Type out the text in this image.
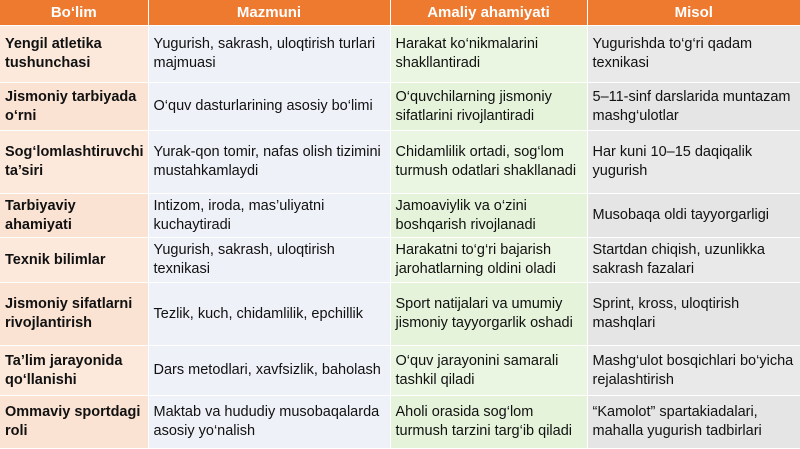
Bo‘lim	Mazmuni	Amaliy ahamiyati	Misol
Yengil atletika tushunchasi	Yugurish, sakrash, uloqtirish turlari majmuasi	Harakat ko‘nikmalarini shakllantiradi	Yugurishda to‘g‘ri qadam texnikasi
Jismoniy tarbiyada o‘rni	O‘quv dasturlarining asosiy bo‘limi	O‘quvchilarning jismoniy sifatlarini rivojlantiradi	5–11-sinf darslarida muntazam mashg‘ulotlar
Sog‘lomlashtiruvchi ta’siri	Yurak-qon tomir, nafas olish tizimini mustahkamlaydi	Chidamlilik ortadi, sog‘lom turmush odatlari shakllanadi	Har kuni 10–15 daqiqalik yugurish
Tarbiyaviy ahamiyati	Intizom, iroda, mas’uliyatni kuchaytiradi	Jamoaviylik va o‘zini boshqarish rivojlanadi	Musobaqa oldi tayyorgarligi
Texnik bilimlar	Yugurish, sakrash, uloqtirish texnikasi	Harakatni to‘g‘ri bajarish jarohatlarning oldini oladi	Startdan chiqish, uzunlikka sakrash fazalari
Jismoniy sifatlarni rivojlantirish	Tezlik, kuch, chidamlilik, epchillik	Sport natijalari va umumiy jismoniy tayyorgarlik oshadi	Sprint, kross, uloqtirish mashqlari
Ta’lim jarayonida qo‘llanishi	Dars metodlari, xavfsizlik, baholash	O‘quv jarayonini samarali tashkil qiladi	Mashg‘ulot bosqichlari bo‘yicha rejalashtirish
Ommaviy sportdagi roli	Maktab va hududiy musobaqalarda asosiy yo‘nalish	Aholi orasida sog‘lom turmush tarzini targ‘ib qiladi	“Kamolot” spartakiadalari, mahalla yugurish tadbirlari
